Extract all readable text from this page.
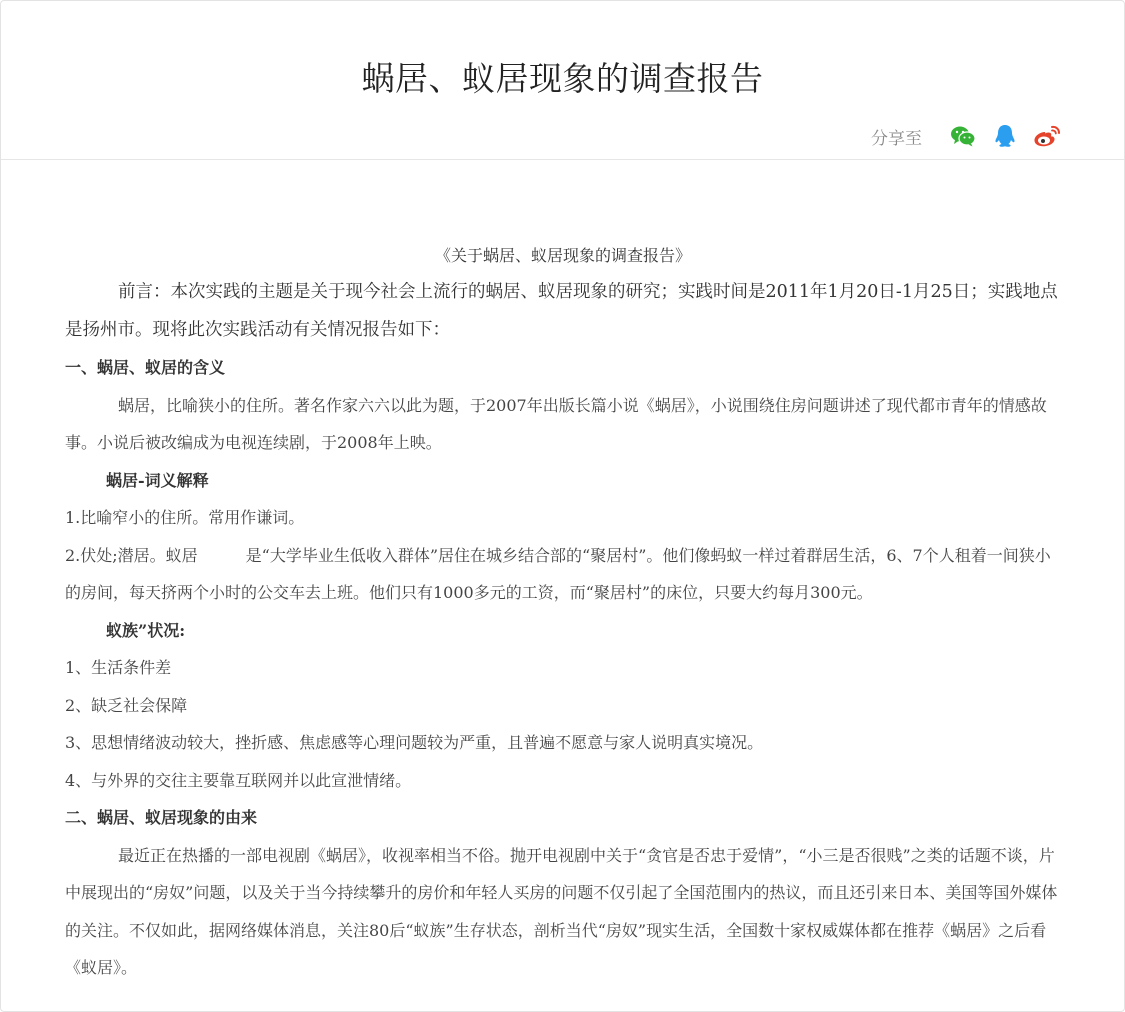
蜗居、蚁居现象的调查报告
分享至
《关于蜗居、蚁居现象的调查报告》

前言：本次实践的主题是关于现今社会上流行的蜗居、蚁居现象的研究；实践时间是2011年1月20日-1月25日；实践地点是扬州市。现将此次实践活动有关情况报告如下：

一、蜗居、蚁居的含义

蜗居，比喻狭小的住所。著名作家六六以此为题，于2007年出版长篇小说《蜗居》，小说围绕住房问题讲述了现代都市青年的情感故事。小说后被改编成为电视连续剧，于2008年上映。

蜗居-词义解释

1.比喻窄小的住所。常用作谦词。

2.伏处;潜居。蚁居　　　是“大学毕业生低收入群体”居住在城乡结合部的“聚居村”。他们像蚂蚁一样过着群居生活，6、7个人租着一间狭小的房间，每天挤两个小时的公交车去上班。他们只有1000多元的工资，而“聚居村”的床位，只要大约每月300元。

蚁族”状况:

1、生活条件差

2、缺乏社会保障

3、思想情绪波动较大，挫折感、焦虑感等心理问题较为严重，且普遍不愿意与家人说明真实境况。

4、与外界的交往主要靠互联网并以此宣泄情绪。

二、蜗居、蚁居现象的由来

最近正在热播的一部电视剧《蜗居》，收视率相当不俗。抛开电视剧中关于“贪官是否忠于爱情”，“小三是否很贱”之类的话题不谈，片中展现出的“房奴”问题，以及关于当今持续攀升的房价和年轻人买房的问题不仅引起了全国范围内的热议，而且还引来日本、美国等国外媒体的关注。不仅如此，据网络媒体消息，关注80后“蚁族”生存状态，剖析当代“房奴”现实生活，全国数十家权威媒体都在推荐《蜗居》之后看《蚁居》。
